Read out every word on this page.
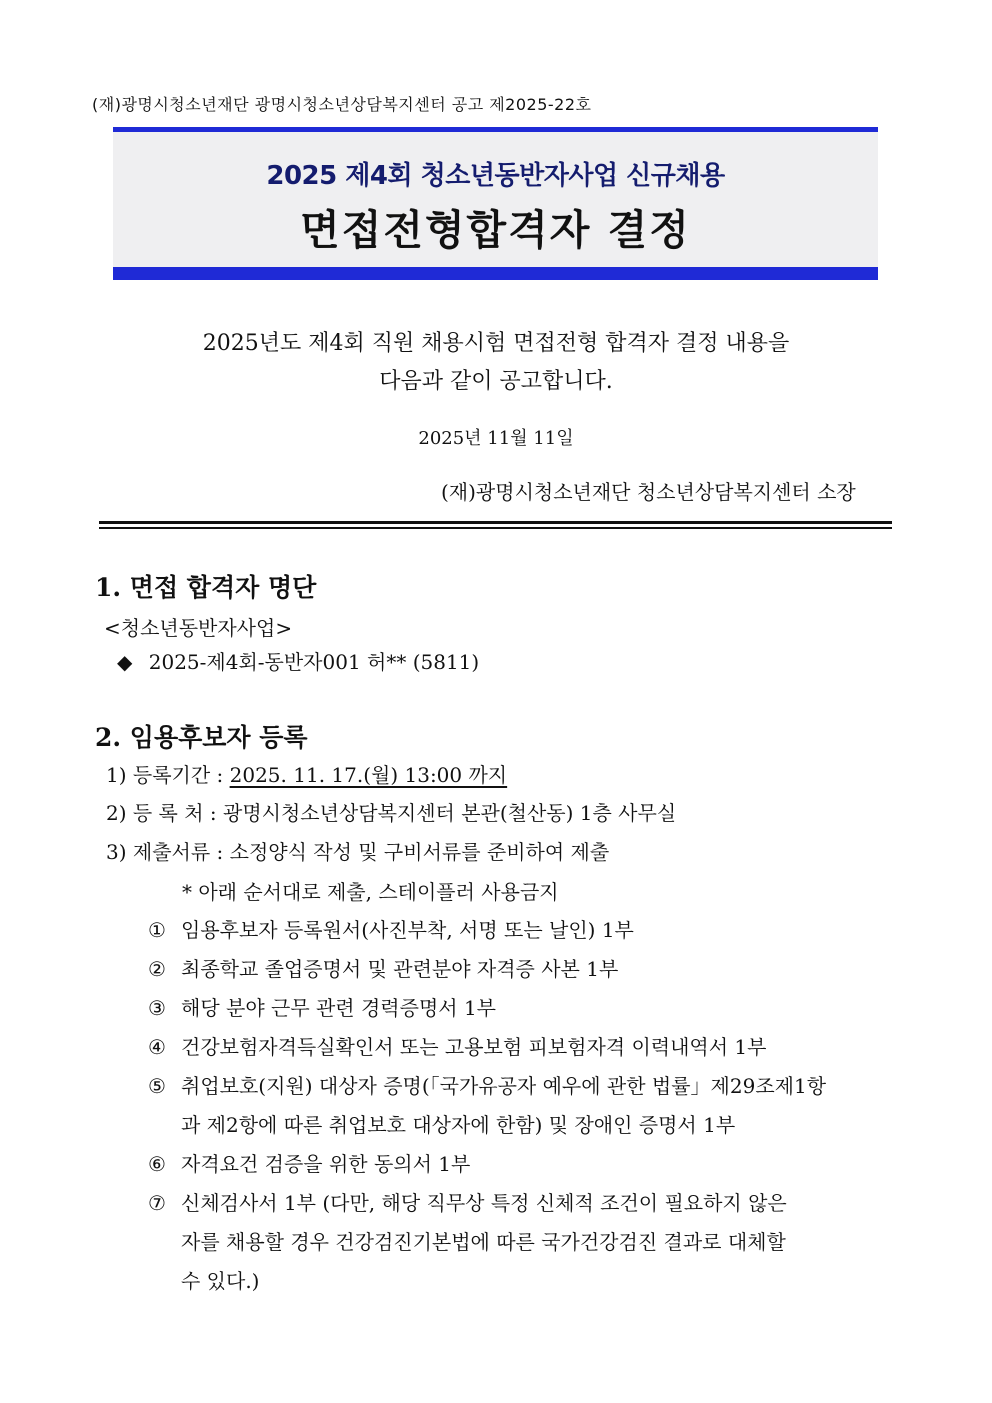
(재)광명시청소년재단 광명시청소년상담복지센터 공고 제2025-22호
2025 제4회 청소년동반자사업 신규채용
면접전형합격자 결정
2025년도 제4회 직원 채용시험 면접전형 합격자 결정 내용을
다음과 같이 공고합니다.
2025년 11월 11일
(재)광명시청소년재단 청소년상담복지센터 소장
1. 면접 합격자 명단
<청소년동반자사업>
◆ 2025-제4회-동반자001 허** (5811)
2. 임용후보자 등록
1) 등록기간 : 2025. 11. 17.(월) 13:00 까지
2) 등 록 처 : 광명시청소년상담복지센터 본관(철산동) 1층 사무실
3) 제출서류 : 소정양식 작성 및 구비서류를 준비하여 제출
* 아래 순서대로 제출, 스테이플러 사용금지
① 임용후보자 등록원서(사진부착, 서명 또는 날인) 1부
② 최종학교 졸업증명서 및 관련분야 자격증 사본 1부
③ 해당 분야 근무 관련 경력증명서 1부
④ 건강보험자격득실확인서 또는 고용보험 피보험자격 이력내역서 1부
⑤ 취업보호(지원) 대상자 증명(「국가유공자 예우에 관한 법률」제29조제1항
과 제2항에 따른 취업보호 대상자에 한함) 및 장애인 증명서 1부
⑥ 자격요건 검증을 위한 동의서 1부
⑦ 신체검사서 1부 (다만, 해당 직무상 특정 신체적 조건이 필요하지 않은
자를 채용할 경우 건강검진기본법에 따른 국가건강검진 결과로 대체할
수 있다.)
